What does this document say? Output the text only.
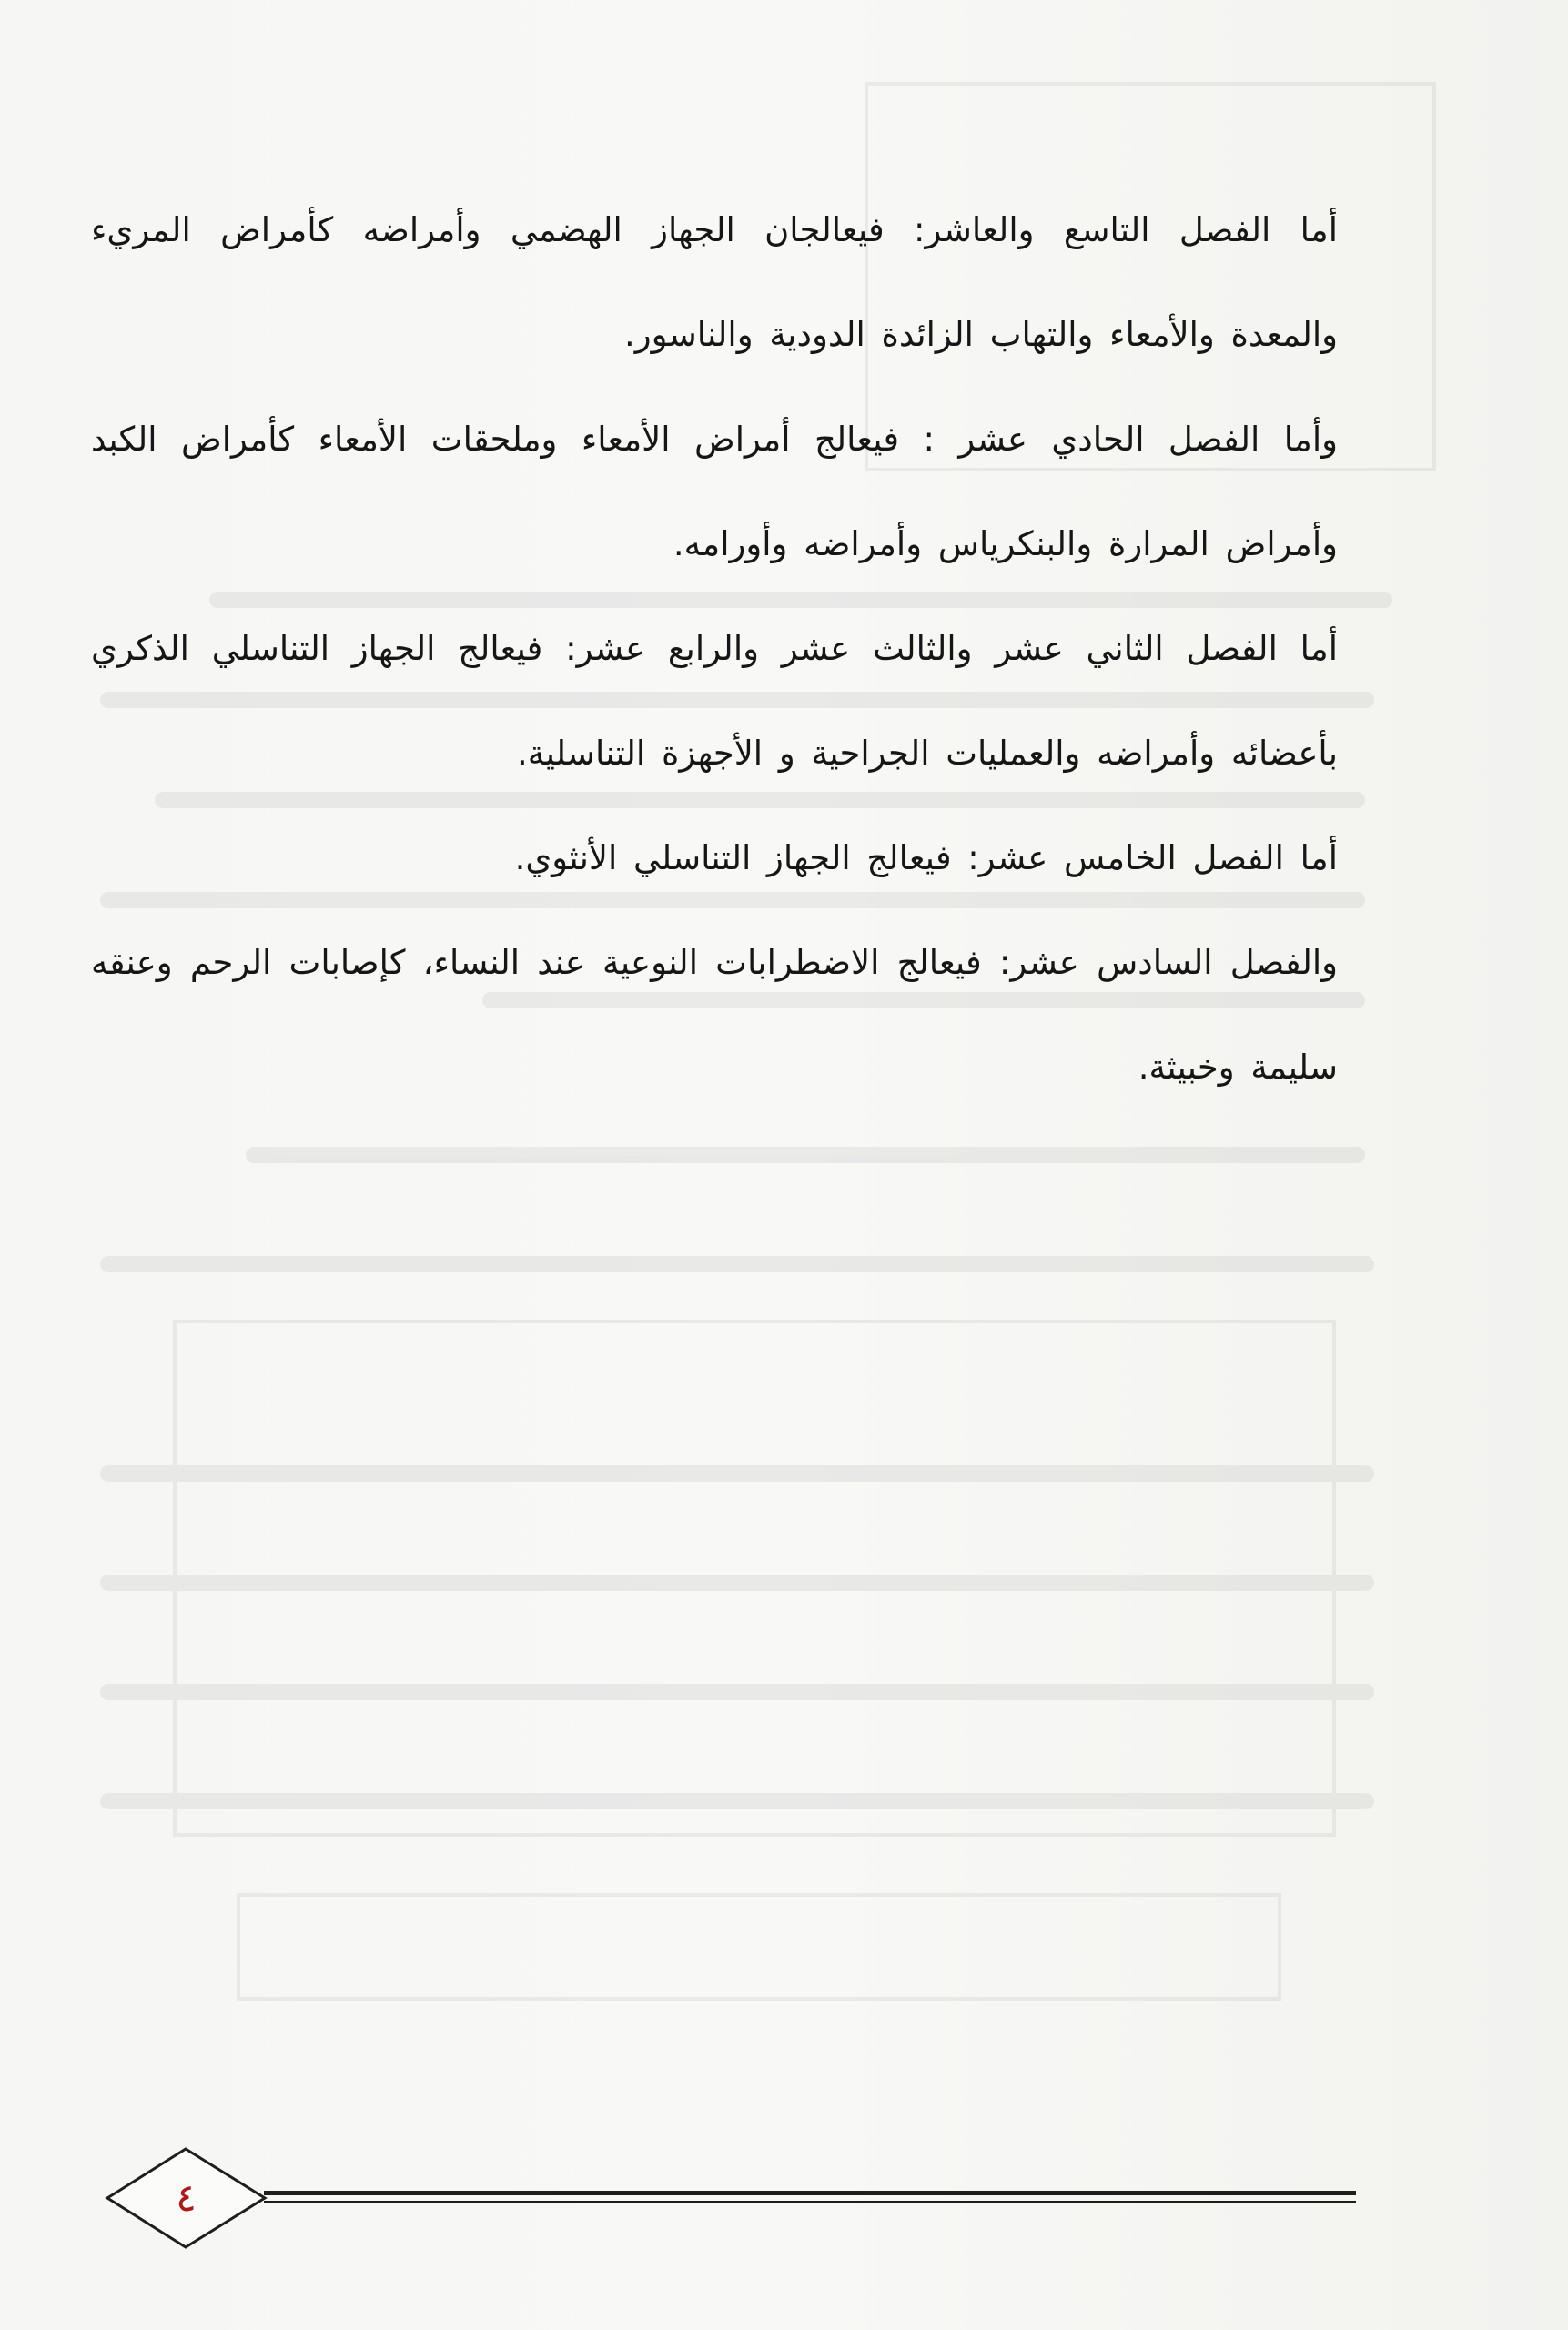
أما الفصل التاسع والعاشر: فيعالجان الجهاز الهضمي وأمراضه كأمراض المريء والمعدة والأمعاء والتهاب الزائدة الدودية والناسور.

وأما الفصل الحادي عشر : فيعالج أمراض الأمعاء وملحقات الأمعاء كأمراض الكبد وأمراض المرارة والبنكرياس وأمراضه وأورامه.

أما الفصل الثاني عشر والثالث عشر والرابع عشر: فيعالج الجهاز التناسلي الذكري بأعضائه وأمراضه والعمليات الجراحية و الأجهزة التناسلية.

أما الفصل الخامس عشر: فيعالج الجهاز التناسلي الأنثوي.

والفصل السادس عشر: فيعالج الاضطرابات النوعية عند النساء، كإصابات الرحم وعنقه سليمة وخبيثة.

٤
